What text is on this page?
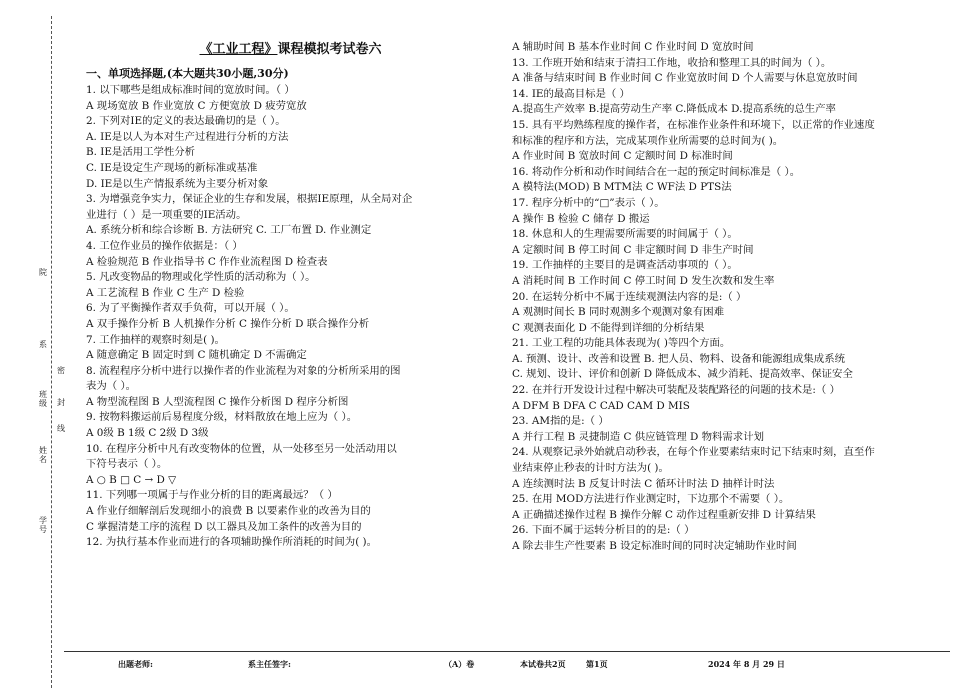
院
系
密
班级 封
线
姓名
学号
《工业工程》课程模拟考试卷六
一、单项选择题,(本大题共30小题,30分)
1. 以下哪些是组成标准时间的宽放时间。（ ）
A 现场宽放 B 作业宽放 C 方便宽放 D 疲劳宽放
2. 下列对IE的定义的表达最确切的是（ ）。
A. IE是以人为本对生产过程进行分析的方法
B. IE是活用工学性分析
C. IE是设定生产现场的新标准或基准
D. IE是以生产情报系统为主要分析对象
3. 为增强竞争实力，保证企业的生存和发展，根据IE原理，从全局对企
业进行（ ）是一项重要的IE活动。
A. 系统分析和综合诊断 B. 方法研究 C. 工厂布置 D. 作业测定
4. 工位作业员的操作依据是：（ ）
A 检验规范 B 作业指导书 C 作作业流程图 D 检查表
5. 凡改变物品的物理或化学性质的活动称为（ ）。
A 工艺流程 B 作业 C 生产 D 检验
6. 为了平衡操作者双手负荷，可以开展（ ）。
A 双手操作分析 B 人机操作分析 C 操作分析 D 联合操作分析
7. 工作抽样的观察时刻是( )。
A 随意确定 B 固定时到 C 随机确定 D 不需确定
8. 流程程序分析中进行以操作者的作业流程为对象的分析所采用的图
表为（ ）。
A 物型流程图 B 人型流程图 C 操作分析图 D 程序分析图
9. 按物料搬运前后易程度分级，材料散放在地上应为（ ）。
A 0级 B 1级 C 2级 D 3级
10. 在程序分析中凡有改变物体的位置，从一处移至另一处活动用以
下符号表示（ ）。
A ○ B □ C → D ▽
11. 下列哪一项属于与作业分析的目的距离最远？（ ）
A 作业仔细解剖后发现细小的浪费 B 以要素作业的改善为目的
C 掌握清楚工序的流程 D 以工器具及加工条件的改善为目的
12. 为执行基本作业而进行的各项辅助操作所消耗的时间为( )。
A 辅助时间 B 基本作业时间 C 作业时间 D 宽放时间
13. 工作班开始和结束于清扫工作地，收拾和整理工具的时间为（ ）。
A 准备与结束时间 B 作业时间 C 作业宽放时间 D 个人需要与休息宽放时间
14. IE的最高目标是（ ）
A.提高生产效率 B.提高劳动生产率 C.降低成本 D.提高系统的总生产率
15. 具有平均熟练程度的操作者，在标准作业条件和环境下，以正常的作业速度
和标准的程序和方法，完成某项作业所需要的总时间为( )。
A 作业时间 B 宽放时间 C 定额时间 D 标准时间
16. 将动作分析和动作时间结合在一起的预定时间标准是（ ）。
A 模特法(MOD) B MTM法 C WF法 D PTS法
17. 程序分析中的“□”表示（ ）。
A 操作 B 检验 C 储存 D 搬运
18. 休息和人的生理需要所需要的时间属于（ ）。
A 定额时间 B 停工时间 C 非定额时间 D 非生产时间
19. 工作抽样的主要目的是调查活动事项的（ ）。
A 消耗时间 B 工作时间 C 停工时间 D 发生次数和发生率
20. 在运转分析中不属于连续观测法内容的是:（ ）
A 观测时间长 B 同时观测多个观测对象有困难
C 观测表面化 D 不能得到详细的分析结果
21. 工业工程的功能具体表现为( )等四个方面。
A. 预测、设计、改善和设置 B. 把人员、物料、设备和能源组成集成系统
C. 规划、设计、评价和创新 D 降低成本、减少消耗、提高效率、保证安全
22. 在并行开发设计过程中解决可装配及装配路径的问题的技术是:（ ）
A DFM B DFA C CAD CAM D MIS
23. AM指的是:（ ）
A 并行工程 B 灵捷制造 C 供应链管理 D 物料需求计划
24. 从观察记录外始就启动秒表，在每个作业要素结束时记下结束时刻，直至作
业结束停止秒表的计时方法为( )。
A 连续测时法 B 反复计时法 C 循环计时法 D 抽样计时法
25. 在用 MOD方法进行作业测定时，下边那个不需要（ ）。
A 正确描述操作过程 B 操作分解 C 动作过程重新安排 D 计算结果
26. 下面不属于运转分析目的的是:（ ）
A 除去非生产性要素 B 设定标准时间的同时决定辅助作业时间
出题老师:	系主任签字:	（A）卷	本试卷共2页	第1页	2024 年 8 月 29 日
